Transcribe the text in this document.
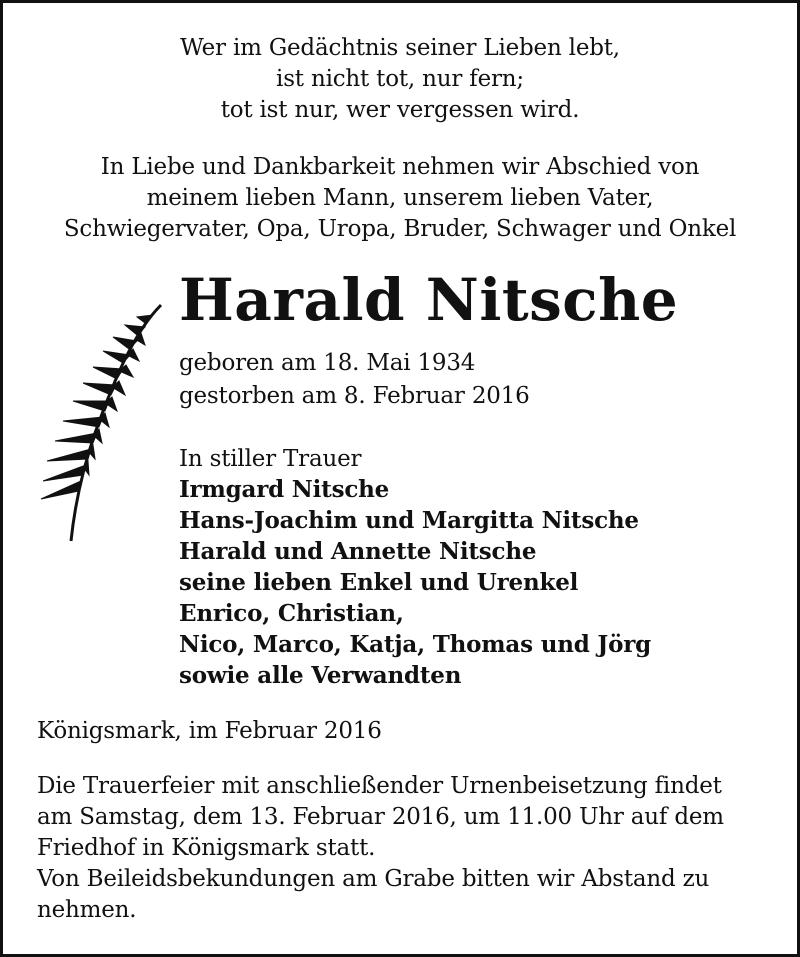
Wer im Gedächtnis seiner Lieben lebt,
ist nicht tot, nur fern;
tot ist nur, wer vergessen wird.
In Liebe und Dankbarkeit nehmen wir Abschied von
meinem lieben Mann, unserem lieben Vater,
Schwiegervater, Opa, Uropa, Bruder, Schwager und Onkel
Harald Nitsche
geboren am 18. Mai 1934
gestorben am 8. Februar 2016
In stiller Trauer
Irmgard Nitsche
Hans-Joachim und Margitta Nitsche
Harald und Annette Nitsche
seine lieben Enkel und Urenkel
Enrico, Christian,
Nico, Marco, Katja, Thomas und Jörg
sowie alle Verwandten
Königsmark, im Februar 2016
Die Trauerfeier mit anschließender Urnenbeisetzung findet
am Samstag, dem 13. Februar 2016, um 11.00 Uhr auf dem
Friedhof in Königsmark statt.
Von Beileidsbekundungen am Grabe bitten wir Abstand zu
nehmen.
